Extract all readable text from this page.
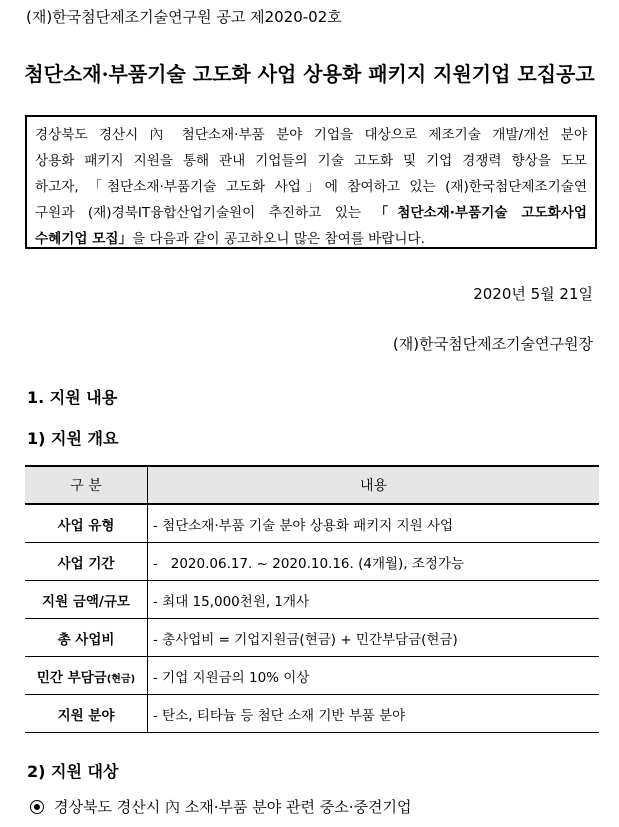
(재)한국첨단제조기술연구원 공고 제2020-02호
첨단소재·부품기술 고도화 사업 상용화 패키지 지원기업 모집공고
경상북도 경산시 內 첨단소재·부품 분야 기업을 대상으로 제조기술 개발/개선 분야
상용화 패키지 지원을 통해 관내 기업들의 기술 고도화 및 기업 경쟁력 향상을 도모
하고자, 「첨단소재·부품기술 고도화 사업」에 참여하고 있는 (재)한국첨단제조기술연
구원과 (재)경북IT융합산업기술원이 추진하고 있는 「첨단소재·부품기술 고도화사업
수혜기업 모집」을 다음과 같이 공고하오니 많은 참여를 바랍니다.
2020년 5월 21일
(재)한국첨단제조기술연구원장
1. 지원 내용
1) 지원 개요
구 분	내용
사업 유형	- 첨단소재·부품 기술 분야 상용화 패키지 지원 사업
사업 기간	-   2020.06.17. ~ 2020.10.16. (4개월), 조정가능
지원 금액/규모	- 최대 15,000천원, 1개사
총 사업비	- 총사업비 = 기업지원금(현금) + 민간부담금(현금)
민간 부담금(현금)	- 기업 지원금의 10% 이상
지원 분야	- 탄소, 티타늄 등 첨단 소재 기반 부품 분야
2) 지원 대상
경상북도 경산시 內 소재·부품 분야 관련 중소·중견기업
